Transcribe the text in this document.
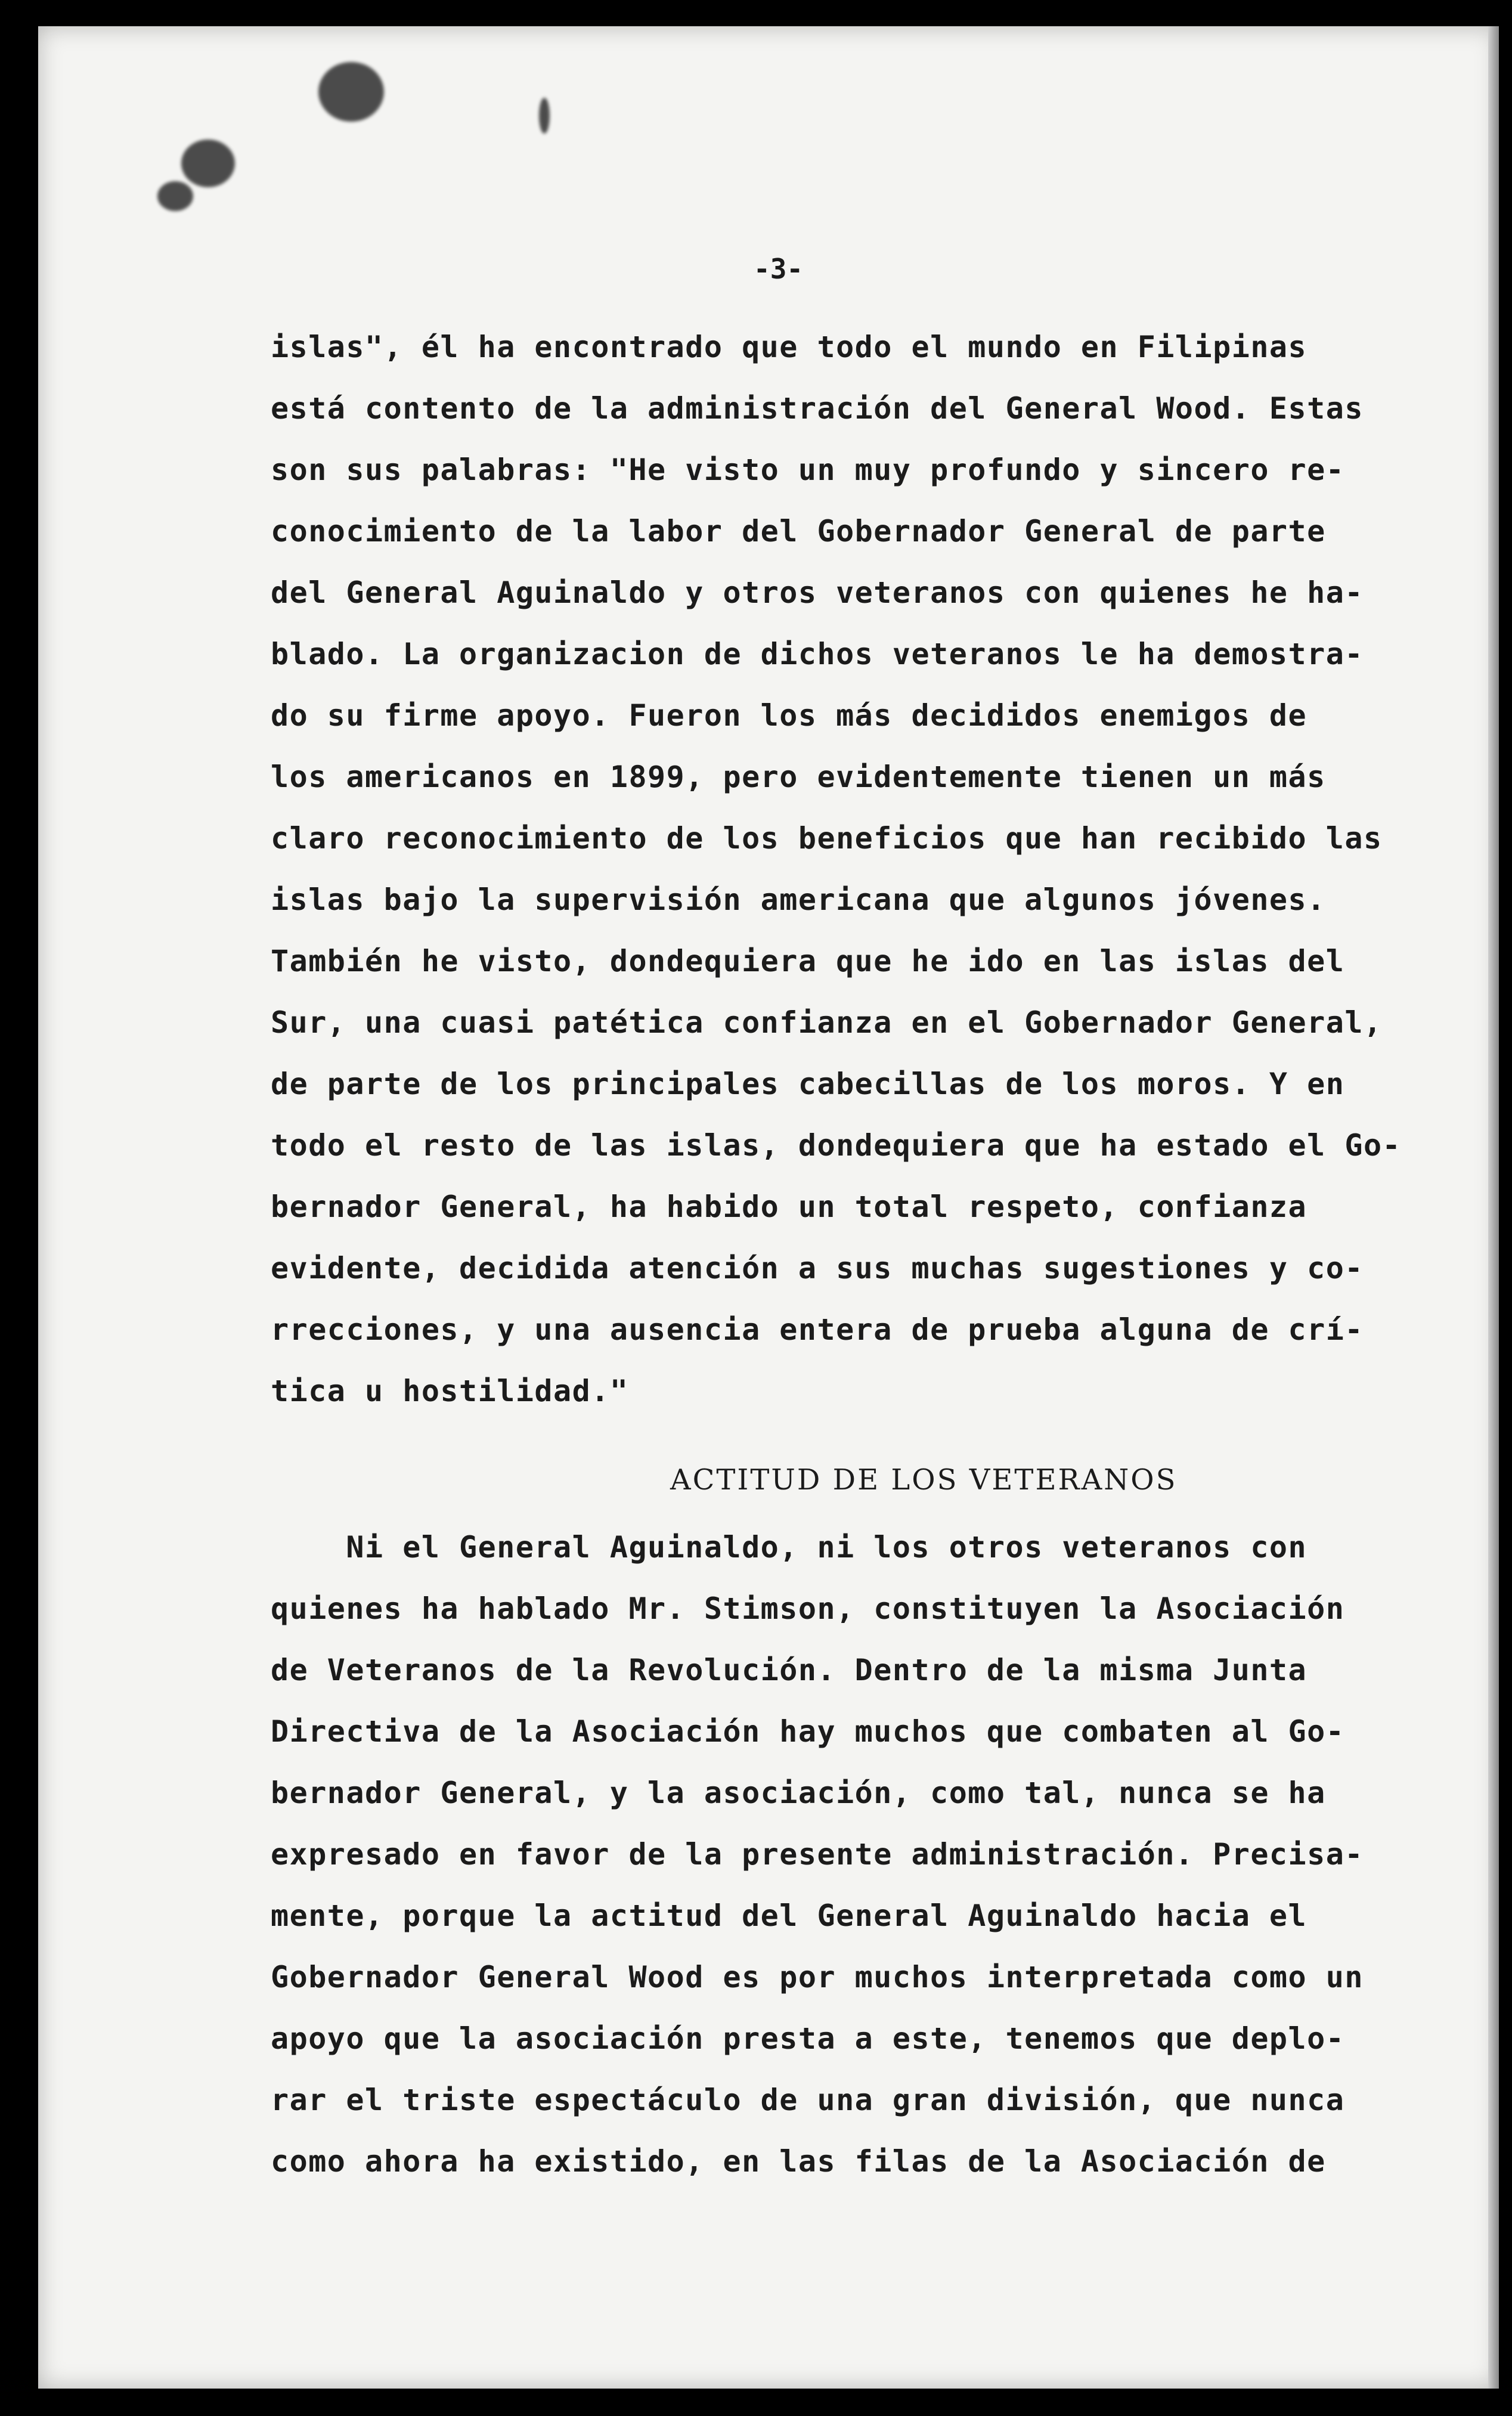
-3-
islas", él ha encontrado que todo el mundo en Filipinas
está contento de la administración del General Wood. Estas
son sus palabras: "He visto un muy profundo y sincero re-
conocimiento de la labor del Gobernador General de parte
del General Aguinaldo y otros veteranos con quienes he ha-
blado. La organizacion de dichos veteranos le ha demostra-
do su firme apoyo. Fueron los más decididos enemigos de
los americanos en 1899, pero evidentemente tienen un más
claro reconocimiento de los beneficios que han recibido las
islas bajo la supervisión americana que algunos jóvenes.
También he visto, dondequiera que he ido en las islas del
Sur, una cuasi patética confianza en el Gobernador General,
de parte de los principales cabecillas de los moros. Y en
todo el resto de las islas, dondequiera que ha estado el Go-
bernador General, ha habido un total respeto, confianza
evidente, decidida atención a sus muchas sugestiones y co-
rrecciones, y una ausencia entera de prueba alguna de crí-
tica u hostilidad."
ACTITUD DE LOS VETERANOS
Ni el General Aguinaldo, ni los otros veteranos con
quienes ha hablado Mr. Stimson, constituyen la Asociación
de Veteranos de la Revolución. Dentro de la misma Junta
Directiva de la Asociación hay muchos que combaten al Go-
bernador General, y la asociación, como tal, nunca se ha
expresado en favor de la presente administración. Precisa-
mente, porque la actitud del General Aguinaldo hacia el
Gobernador General Wood es por muchos interpretada como un
apoyo que la asociación presta a este, tenemos que deplo-
rar el triste espectáculo de una gran división, que nunca
como ahora ha existido, en las filas de la Asociación de
